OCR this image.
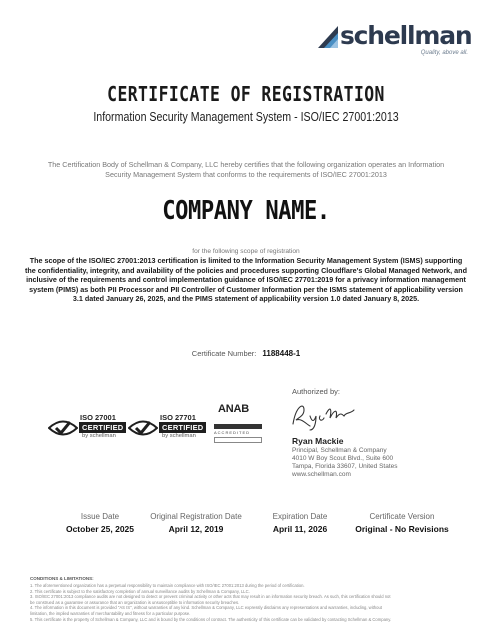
schellman
Quality, above all.
CERTIFICATE OF REGISTRATION
Information Security Management System - ISO/IEC 27001:2013
The Certification Body of Schellman & Company, LLC hereby certifies that the following organization operates an Information Security Management System that conforms to the requirements of ISO/IEC 27001:2013
COMPANY NAME.
for the following scope of registration
The scope of the ISO/IEC 27001:2013 certification is limited to the Information Security Management System (ISMS) supporting the confidentiality, integrity, and availability of the policies and procedures supporting Cloudflare's Global Managed Network, and inclusive of the requirements and control implementation guidance of ISO/IEC 27701:2019 for a privacy information management system (PIMS) as both PII Processor and PII Controller of Customer Information per the ISMS statement of applicability version 3.1 dated January 26, 2025, and the PIMS statement of applicability version 1.0 dated January 8, 2025.
Certificate Number: 1188448-1
ISO 27001
CERTIFIED
by schellman
ISO 27701
CERTIFIED
by schellman
ANAB
ACCREDITED
Authorized by:
Ryan Mackie
Principal, Schellman & Company
4010 W Boy Scout Blvd., Suite 600
Tampa, Florida 33607, United States
www.schellman.com
Issue Date
October 25, 2025
Original Registration Date
April 12, 2019
Expiration Date
April 11, 2026
Certificate Version
Original - No Revisions
CONDITIONS & LIMITATIONS:
1. The aforementioned organization has a perpetual responsibility to maintain compliance with ISO/IEC 27001:2013 during the period of certification.
2. This certificate is subject to the satisfactory completion of annual surveillance audits by Schellman & Company, LLC.
3. ISO/IEC 27001:2013 compliance audits are not designed to detect or prevent criminal activity or other acts that may result in an information security breach. As such, this certification should not
be construed as a guarantee or assurance that an organization is unsusceptible to information security breaches.
4. The information in this document is provided "AS IS", without warranties of any kind. Schellman & Company, LLC expressly disclaims any representations and warranties, including, without
limitation, the implied warranties of merchantability and fitness for a particular purpose.
5. This certificate is the property of Schellman & Company, LLC and is bound by the conditions of contract. The authenticity of this certificate can be validated by contacting Schellman & Company.
